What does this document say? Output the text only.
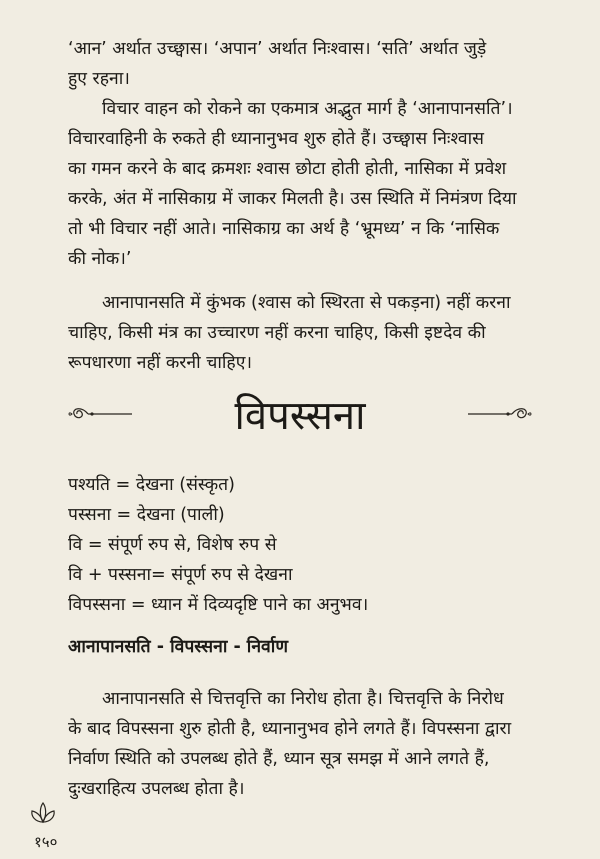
‘आन’ अर्थात उच्छ्वास। ‘अपान’ अर्थात निःश्वास। ‘सति’ अर्थात जुड़े
हुए रहना।
विचार वाहन को रोकने का एकमात्र अद्भुत मार्ग है ‘आनापानसति’।
विचारवाहिनी के रुकते ही ध्यानानुभव शुरु होते हैं। उच्छ्वास निःश्वास
का गमन करने के बाद क्रमशः श्वास छोटा होती होती, नासिका में प्रवेश
करके, अंत में नासिकाग्र में जाकर मिलती है। उस स्थिति में निमंत्रण दिया
तो भी विचार नहीं आते। नासिकाग्र का अर्थ है ‘भ्रूमध्य’ न कि ‘नासिक
की नोक।’
आनापानसति में कुंभक (श्वास को स्थिरता से पकड़ना) नहीं करना
चाहिए, किसी मंत्र का उच्चारण नहीं करना चाहिए, किसी इष्टदेव की
रूपधारणा नहीं करनी चाहिए।
विपस्सना
पश्यति = देखना (संस्कृत)
पस्सना = देखना (पाली)
वि = संपूर्ण रुप से, विशेष रुप से
वि + पस्सना= संपूर्ण रुप से देखना
विपस्सना = ध्यान में दिव्यदृष्टि पाने का अनुभव।
आनापानसति - विपस्सना - निर्वाण
आनापानसति से चित्तवृत्ति का निरोध होता है। चित्तवृत्ति के निरोध
के बाद विपस्सना शुरु होती है, ध्यानानुभव होने लगते हैं। विपस्सना द्वारा
निर्वाण स्थिति को उपलब्ध होते हैं, ध्यान सूत्र समझ में आने लगते हैं,
दुःखराहित्य उपलब्ध होता है।
१५०
